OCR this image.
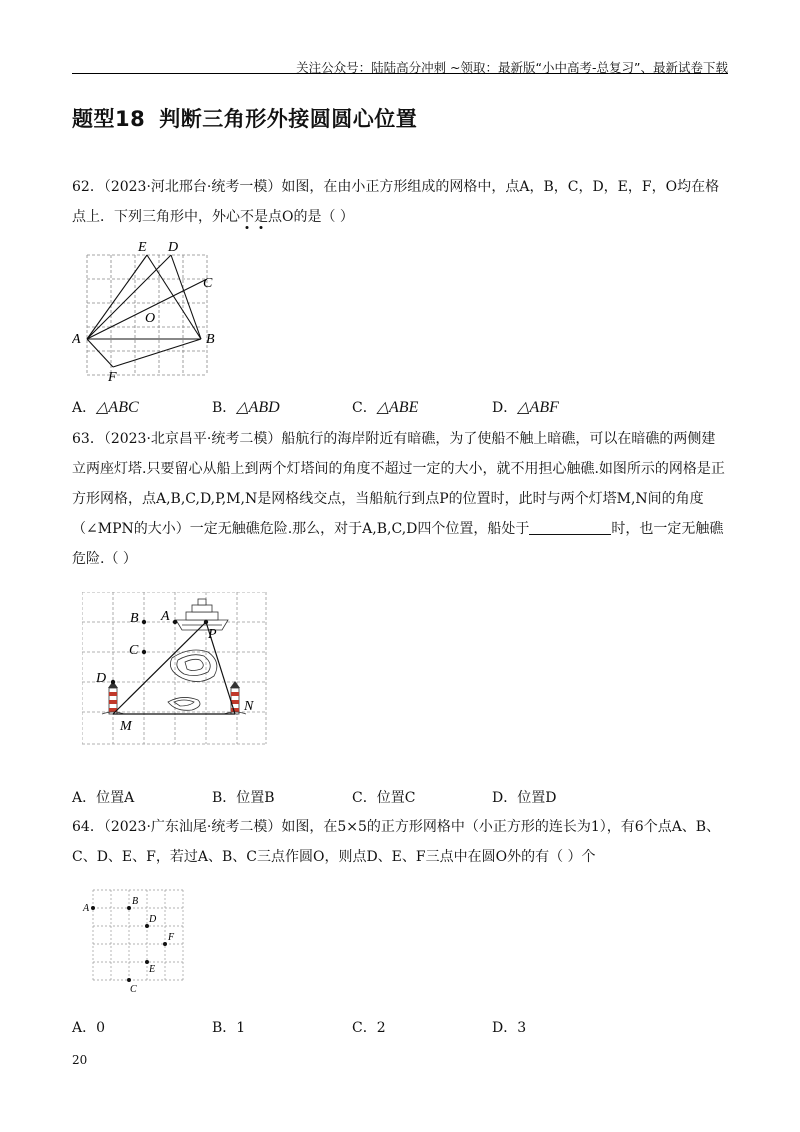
关注公众号：陆陆高分冲刺 ~领取：最新版“小中高考-总复习”、最新试卷下载
题型18 判断三角形外接圆圆心位置
62．（2023·河北邢台·统考一模）如图，在由小正方形组成的网格中，点A，B，C，D，E，F，O均在格点上．下列三角形中，外心不是点O的是（ ）
E D
C
O
A	B
F
A．△ABC	B．△ABD	C．△ABE	D．△ABF
63．（2023·北京昌平·统考二模）船航行的海岸附近有暗礁，为了使船不触上暗礁，可以在暗礁的两侧建立两座灯塔.只要留心从船上到两个灯塔间的角度不超过一定的大小，就不用担心触礁.如图所示的网格是正方形网格，点A,B,C,D,P,M,N是网格线交点，当船航行到点P的位置时，此时与两个灯塔M,N间的角度（∠MPN的大小）一定无触礁危险.那么，对于A,B,C,D四个位置，船处于	时，也一定无触礁危险.（ ）
B A
C
D
P
M
N
A．位置A	B．位置B	C．位置C	D．位置D
64．（2023·广东汕尾·统考二模）如图，在5×5的正方形网格中（小正方形的连长为1），有6个点A、B、C、D、E、F，若过A、B、C三点作圆O，则点D、E、F三点中在圆O外的有（ ）个
A
B
D
F
E
C
A．0	B．1	C．2	D．3
20
